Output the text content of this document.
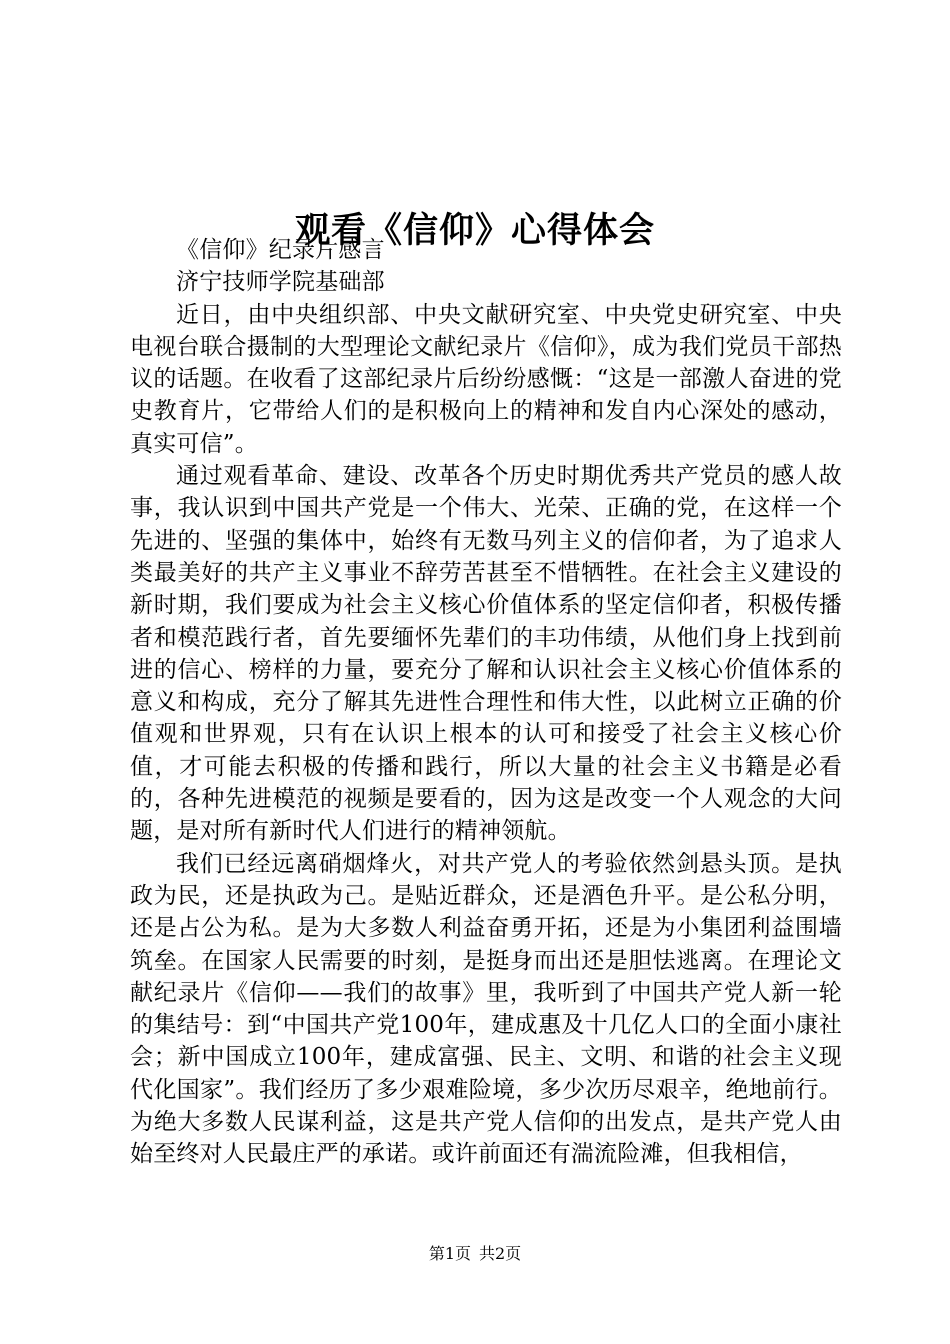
观看《信仰》心得体会

《信仰》纪录片感言

济宁技师学院基础部

近日，由中央组织部、中央文献研究室、中央党史研究室、中央电视台联合摄制的大型理论文献纪录片《信仰》，成为我们党员干部热议的话题。在收看了这部纪录片后纷纷感慨：“这是一部激人奋进的党史教育片，它带给人们的是积极向上的精神和发自内心深处的感动，真实可信”。

通过观看革命、建设、改革各个历史时期优秀共产党员的感人故事，我认识到中国共产党是一个伟大、光荣、正确的党，在这样一个先进的、坚强的集体中，始终有无数马列主义的信仰者，为了追求人类最美好的共产主义事业不辞劳苦甚至不惜牺牲。在社会主义建设的新时期，我们要成为社会主义核心价值体系的坚定信仰者，积极传播者和模范践行者，首先要缅怀先辈们的丰功伟绩，从他们身上找到前进的信心、榜样的力量，要充分了解和认识社会主义核心价值体系的意义和构成，充分了解其先进性合理性和伟大性，以此树立正确的价值观和世界观，只有在认识上根本的认可和接受了社会主义核心价值，才可能去积极的传播和践行，所以大量的社会主义书籍是必看的，各种先进模范的视频是要看的，因为这是改变一个人观念的大问题，是对所有新时代人们进行的精神领航。

我们已经远离硝烟烽火，对共产党人的考验依然剑悬头顶。是执政为民，还是执政为己。是贴近群众，还是酒色升平。是公私分明，还是占公为私。是为大多数人利益奋勇开拓，还是为小集团利益围墙筑垒。在国家人民需要的时刻，是挺身而出还是胆怯逃离。在理论文献纪录片《信仰——我们的故事》里，我听到了中国共产党人新一轮的集结号：到“中国共产党100年，建成惠及十几亿人口的全面小康社会；新中国成立100年，建成富强、民主、文明、和谐的社会主义现代化国家”。我们经历了多少艰难险境，多少次历尽艰辛，绝地前行。为绝大多数人民谋利益，这是共产党人信仰的出发点，是共产党人由始至终对人民最庄严的承诺。或许前面还有湍流险滩，但我相信，

第1页 共2页
